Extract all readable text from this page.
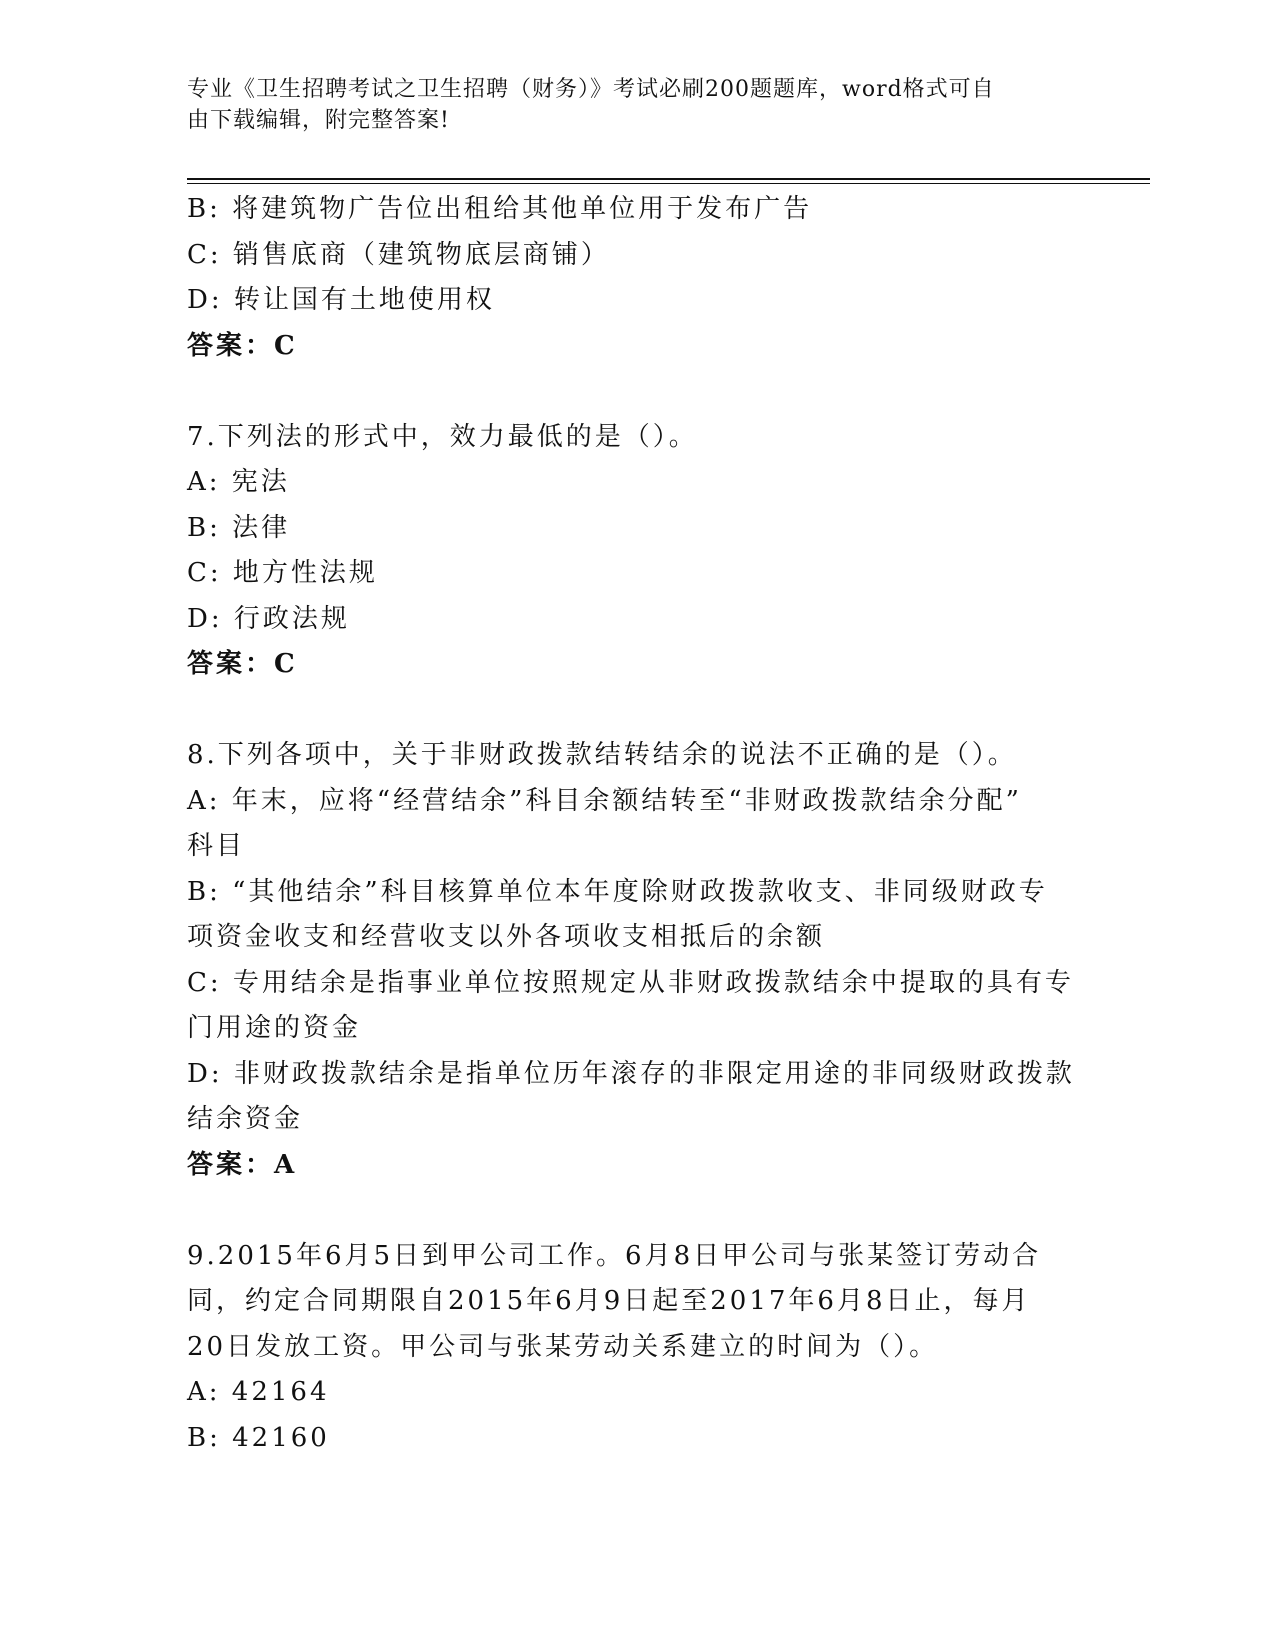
专业《卫生招聘考试之卫生招聘（财务）》考试必刷200题题库，word格式可自
由下载编辑，附完整答案!
B: 将建筑物广告位出租给其他单位用于发布广告
C: 销售底商（建筑物底层商铺）
D: 转让国有土地使用权
答案：C
7.下列法的形式中，效力最低的是（）。
A: 宪法
B: 法律
C: 地方性法规
D: 行政法规
答案：C
8.下列各项中，关于非财政拨款结转结余的说法不正确的是（）。
A: 年末，应将“经营结余”科目余额结转至“非财政拨款结余分配”
科目
B: “其他结余”科目核算单位本年度除财政拨款收支、非同级财政专
项资金收支和经营收支以外各项收支相抵后的余额
C: 专用结余是指事业单位按照规定从非财政拨款结余中提取的具有专
门用途的资金
D: 非财政拨款结余是指单位历年滚存的非限定用途的非同级财政拨款
结余资金
答案：A
9.2015年6月5日到甲公司工作。6月8日甲公司与张某签订劳动合
同，约定合同期限自2015年6月9日起至2017年6月8日止，每月
20日发放工资。甲公司与张某劳动关系建立的时间为（）。
A: 42164
B: 42160
